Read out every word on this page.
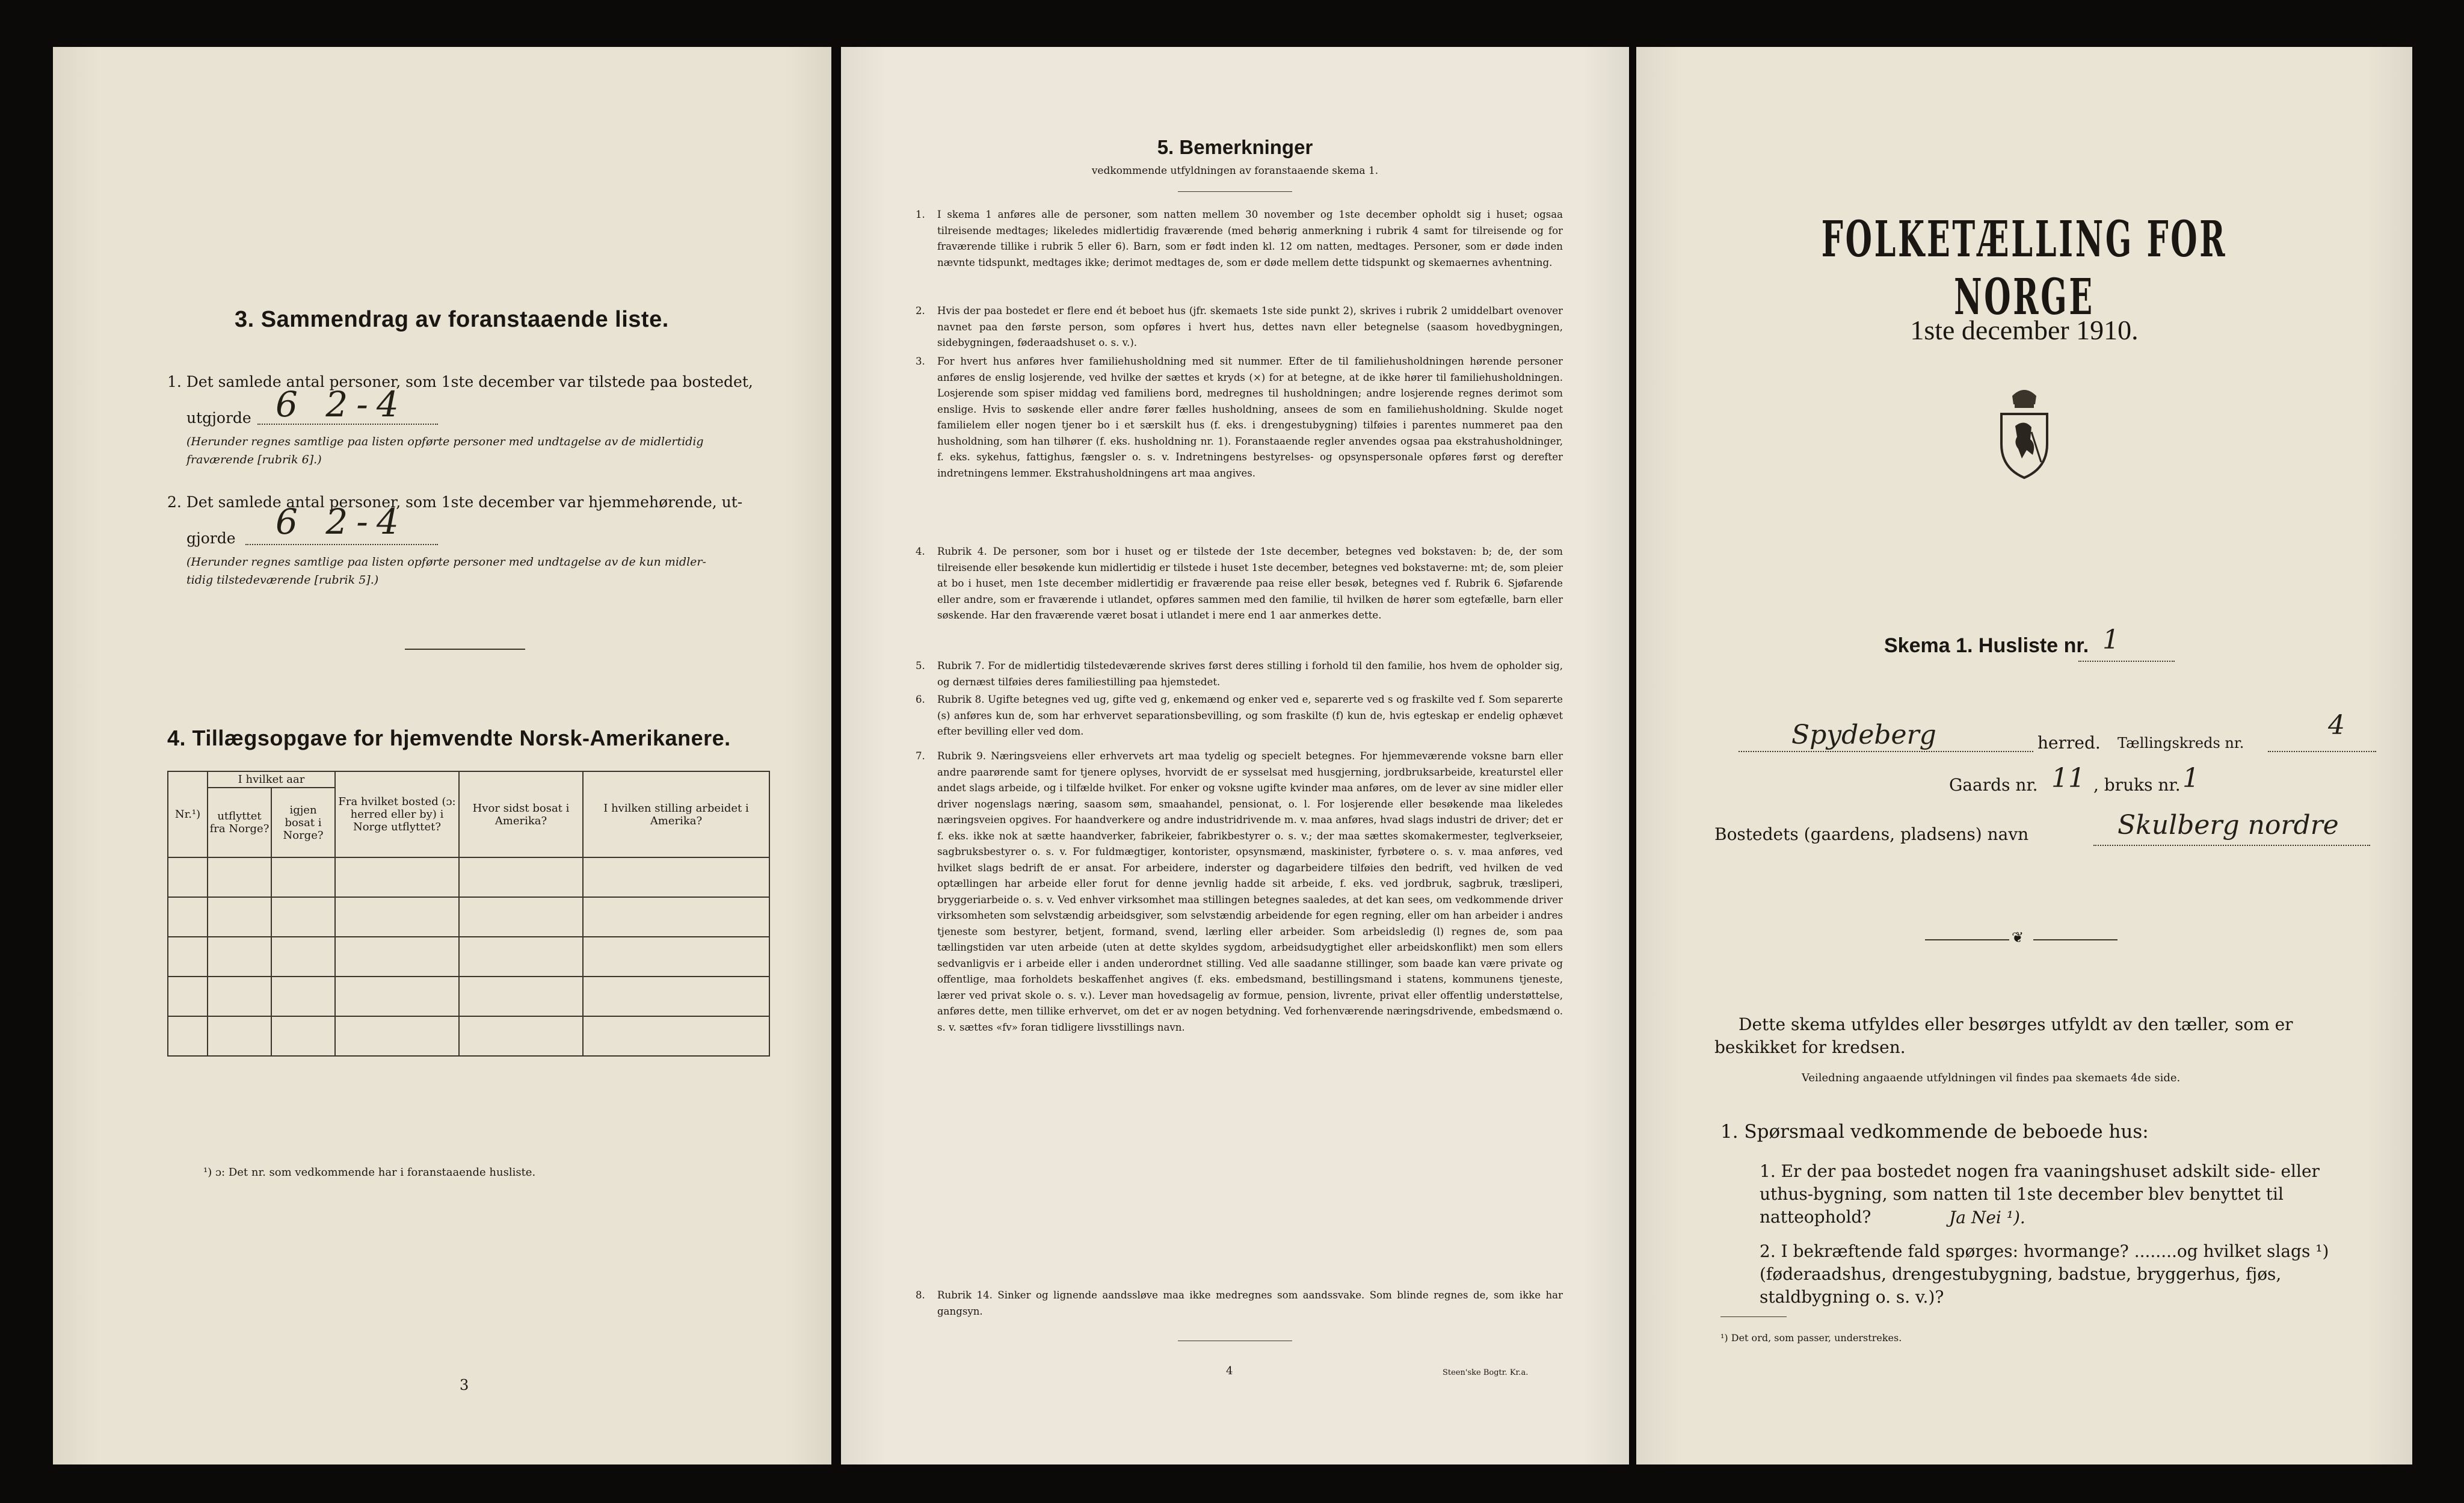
3. Sammendrag av foranstaaende liste.
1. Det samlede antal personer, som 1ste december var tilstede paa bostedet,
utgjorde 6 2-4
(Herunder regnes samtlige paa listen opførte personer med undtagelse av de midlertidig
fraværende [rubrik 6].)
2. Det samlede antal personer, som 1ste december var hjemmehørende, ut-
gjorde 6 2-4
(Herunder regnes samtlige paa listen opførte personer med undtagelse av de kun midler-
tidig tilstedeværende [rubrik 5].)
4. Tillægsopgave for hjemvendte Norsk-Amerikanere.
Nr.¹)	I hvilket aar		Fra hvilket bosted (ɔ: herred eller by) i Norge utflyttet?	Hvor sidst bosat i Amerika?	I hvilken stilling arbeidet i Amerika?
	utflyttet fra Norge?	igjen bosat i Norge?			

¹) ɔ: Det nr. som vedkommende har i foranstaaende husliste.
3
5. Bemerkninger
vedkommende utfyldningen av foranstaaende skema 1.
1. I skema 1 anføres alle de personer, som natten mellem 30 november og 1ste december opholdt sig i huset; ogsaa tilreisende medtages; likeledes midlertidig fraværende (med behørig anmerkning i rubrik 4 samt for tilreisende og for fraværende tillike i rubrik 5 eller 6). Barn, som er født inden kl. 12 om natten, medtages. Personer, som er døde inden nævnte tidspunkt, medtages ikke; derimot medtages de, som er døde mellem dette tidspunkt og skemaernes avhentning.
2. Hvis der paa bostedet er flere end ét beboet hus (jfr. skemaets 1ste side punkt 2), skrives i rubrik 2 umiddelbart ovenover navnet paa den første person, som opføres i hvert hus, dettes navn eller betegnelse (saasom hovedbygningen, sidebygningen, føderaadshuset o. s. v.).
3. For hvert hus anføres hver familiehusholdning med sit nummer. Efter de til familiehusholdningen hørende personer anføres de enslig losjerende, ved hvilke der sættes et kryds (×) for at betegne, at de ikke hører til familiehusholdningen. Losjerende som spiser middag ved familiens bord, medregnes til husholdningen; andre losjerende regnes derimot som enslige. Hvis to søskende eller andre fører fælles husholdning, ansees de som en familiehusholdning. Skulde noget familielem eller nogen tjener bo i et særskilt hus (f. eks. i drengestubygning) tilføies i parentes nummeret paa den husholdning, som han tilhører (f. eks. husholdning nr. 1). Foranstaaende regler anvendes ogsaa paa ekstrahusholdninger, f. eks. sykehus, fattighus, fængsler o. s. v. Indretningens bestyrelses- og opsynspersonale opføres først og derefter indretningens lemmer. Ekstrahusholdningens art maa angives.
4. Rubrik 4. De personer, som bor i huset og er tilstede der 1ste december, betegnes ved bokstaven: b; de, der som tilreisende eller besøkende kun midlertidig er tilstede i huset 1ste december, betegnes ved bokstaverne: mt; de, som pleier at bo i huset, men 1ste december midlertidig er fraværende paa reise eller besøk, betegnes ved f. Rubrik 6. Sjøfarende eller andre, som er fraværende i utlandet, opføres sammen med den familie, til hvilken de hører som egtefælle, barn eller søskende. Har den fraværende været bosat i utlandet i mere end 1 aar anmerkes dette.
5. Rubrik 7. For de midlertidig tilstedeværende skrives først deres stilling i forhold til den familie, hos hvem de opholder sig, og dernæst tilføies deres familiestilling paa hjemstedet.
6. Rubrik 8. Ugifte betegnes ved ug, gifte ved g, enkemænd og enker ved e, separerte ved s og fraskilte ved f. Som separerte (s) anføres kun de, som har erhvervet separationsbevilling, og som fraskilte (f) kun de, hvis egteskap er endelig ophævet efter bevilling eller ved dom.
7. Rubrik 9. Næringsveiens eller erhvervets art maa tydelig og specielt betegnes. For hjemmeværende voksne barn eller andre paarørende samt for tjenere oplyses, hvorvidt de er sysselsat med husgjerning, jordbruksarbeide, kreaturstel eller andet slags arbeide, og i tilfælde hvilket. For enker og voksne ugifte kvinder maa anføres, om de lever av sine midler eller driver nogenslags næring, saasom søm, smaahandel, pensionat, o. l. For losjerende eller besøkende maa likeledes næringsveien opgives. For haandverkere og andre industridrivende m. v. maa anføres, hvad slags industri de driver; det er f. eks. ikke nok at sætte haandverker, fabrikeier, fabrikbestyrer o. s. v.; der maa sættes skomakermester, teglverkseier, sagbruksbestyrer o. s. v. For fuldmægtiger, kontorister, opsynsmænd, maskinister, fyrbøtere o. s. v. maa anføres, ved hvilket slags bedrift de er ansat. For arbeidere, inderster og dagarbeidere tilføies den bedrift, ved hvilken de ved optællingen har arbeide eller forut for denne jevnlig hadde sit arbeide, f. eks. ved jordbruk, sagbruk, træsliperi, bryggeriarbeide o. s. v. Ved enhver virksomhet maa stillingen betegnes saaledes, at det kan sees, om vedkommende driver virksomheten som selvstændig arbeidsgiver, som selvstændig arbeidende for egen regning, eller om han arbeider i andres tjeneste som bestyrer, betjent, formand, svend, lærling eller arbeider. Som arbeidsledig (l) regnes de, som paa tællingstiden var uten arbeide (uten at dette skyldes sygdom, arbeidsudygtighet eller arbeidskonflikt) men som ellers sedvanligvis er i arbeide eller i anden underordnet stilling. Ved alle saadanne stillinger, som baade kan være private og offentlige, maa forholdets beskaffenhet angives (f. eks. embedsmand, bestillingsmand i statens, kommunens tjeneste, lærer ved privat skole o. s. v.). Lever man hovedsagelig av formue, pension, livrente, privat eller offentlig understøttelse, anføres dette, men tillike erhvervet, om det er av nogen betydning. Ved forhenværende næringsdrivende, embedsmænd o. s. v. sættes «fv» foran tidligere livsstillings navn.
8. Rubrik 14. Sinker og lignende aandssløve maa ikke medregnes som aandssvake. Som blinde regnes de, som ikke har gangsyn.
4	Steen'ske Bogtr. Kr.a.
FOLKETÆLLING FOR NORGE
1ste december 1910.
Skema 1. Husliste nr. 1
Spydeberg	herred. Tællingskreds nr.
4
Gaards nr. 11 , bruks nr. 1
Bostedets (gaardens, pladsens) navn	Skulberg nordre
❦
Dette skema utfyldes eller besørges utfyldt av den tæller, som er beskikket for kredsen.
Veiledning angaaende utfyldningen vil findes paa skemaets 4de side.
1. Spørsmaal vedkommende de beboede hus:
1. Er der paa bostedet nogen fra vaaningshuset adskilt side- eller uthus-bygning, som natten til 1ste december blev benyttet til natteophold?	Ja Nei ¹).
2. I bekræftende fald spørges: hvormange? ........og hvilket slags ¹) (føderaadshus, drengestubygning, badstue, bryggerhus, fjøs, staldbygning o. s. v.)?
¹) Det ord, som passer, understrekes.
